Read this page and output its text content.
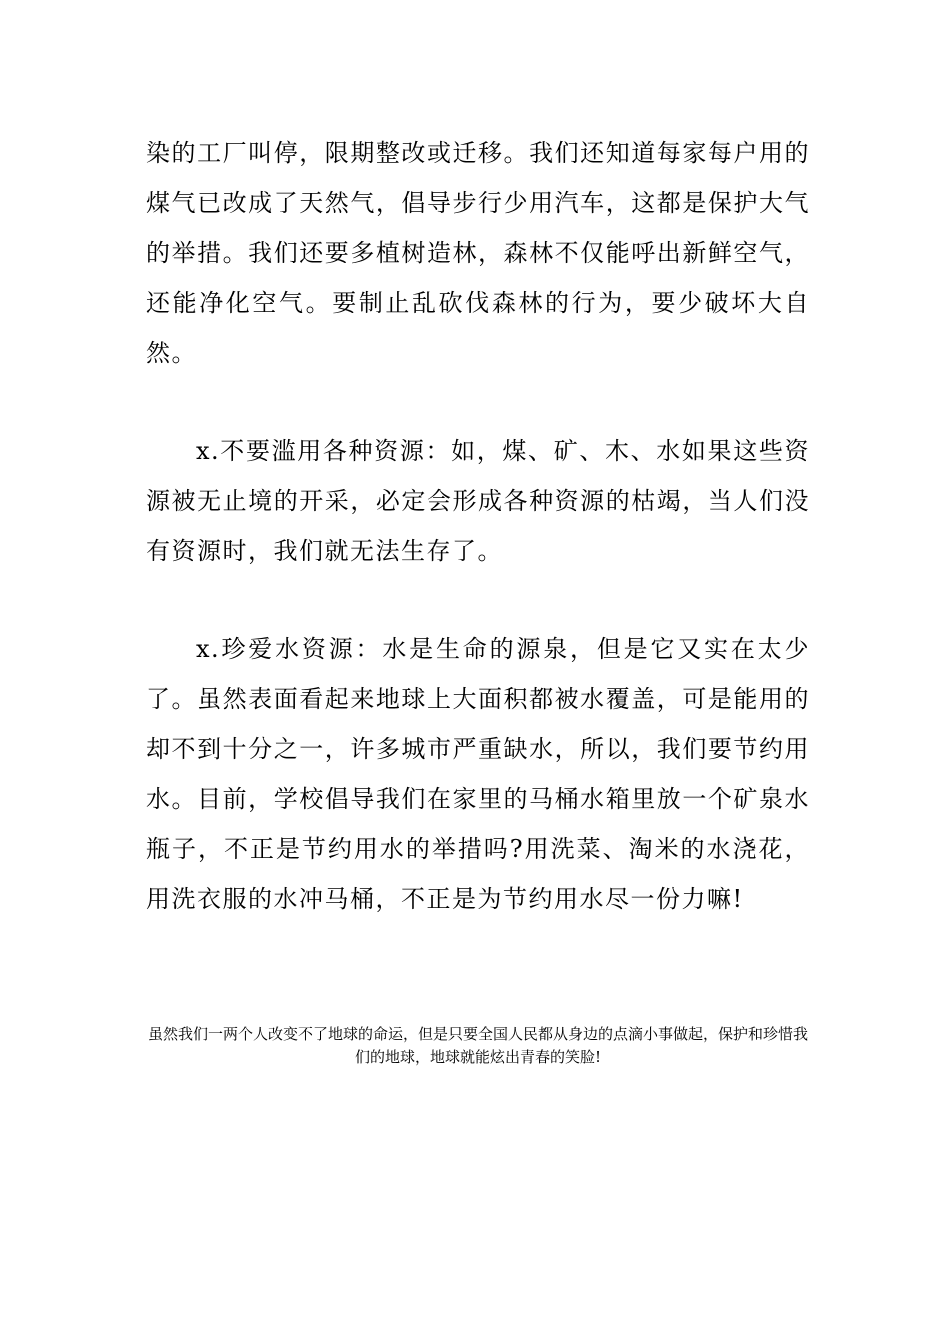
染的工厂叫停，限期整改或迁移。我们还知道每家每户用的煤气已改成了天然气，倡导步行少用汽车，这都是保护大气的举措。我们还要多植树造林，森林不仅能呼出新鲜空气，还能净化空气。要制止乱砍伐森林的行为，要少破坏大自然。

x.不要滥用各种资源：如，煤、矿、木、水如果这些资源被无止境的开采，必定会形成各种资源的枯竭，当人们没有资源时，我们就无法生存了。

x.珍爱水资源：水是生命的源泉，但是它又实在太少了。虽然表面看起来地球上大面积都被水覆盖，可是能用的却不到十分之一，许多城市严重缺水，所以，我们要节约用水。目前，学校倡导我们在家里的马桶水箱里放一个矿泉水瓶子，不正是节约用水的举措吗?用洗菜、淘米的水浇花，用洗衣服的水冲马桶，不正是为节约用水尽一份力嘛!

虽然我们一两个人改变不了地球的命运，但是只要全国人民都从身边的点滴小事做起，保护和珍惜我们的地球，地球就能炫出青春的笑脸!
